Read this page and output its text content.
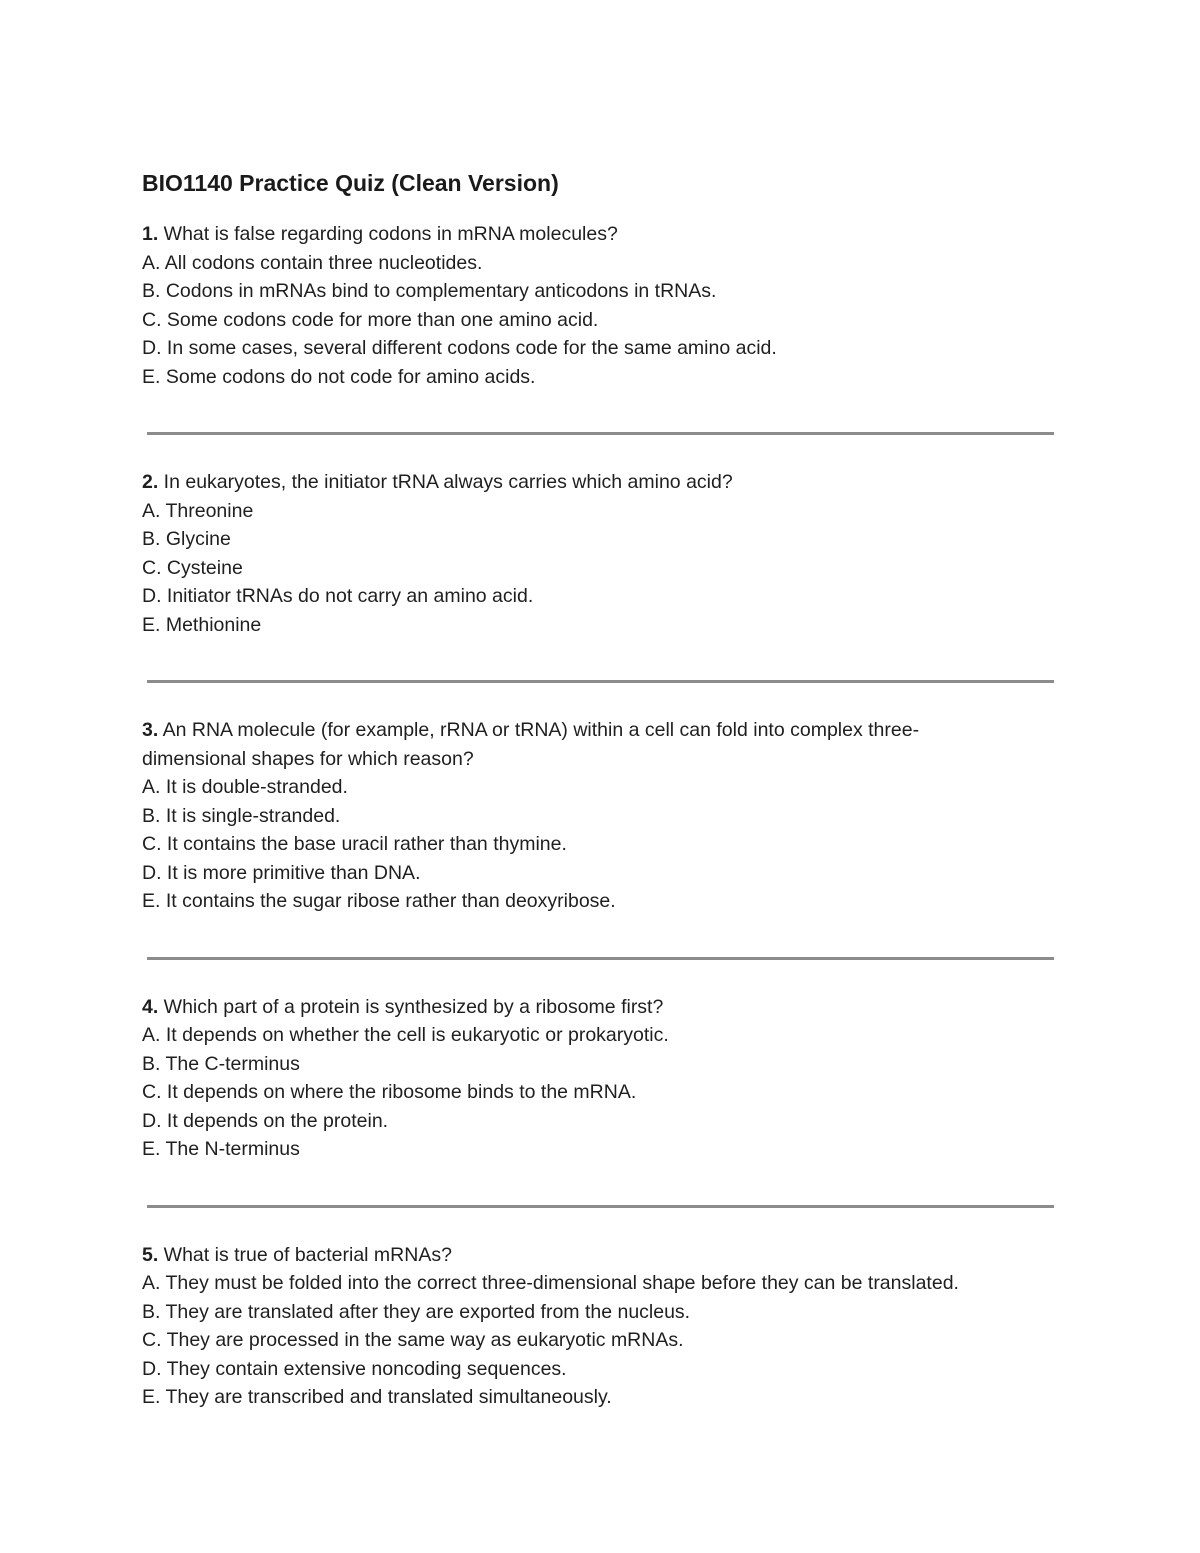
BIO1140 Practice Quiz (Clean Version)
1. What is false regarding codons in mRNA molecules?
A. All codons contain three nucleotides.
B. Codons in mRNAs bind to complementary anticodons in tRNAs.
C. Some codons code for more than one amino acid.
D. In some cases, several different codons code for the same amino acid.
E. Some codons do not code for amino acids.
2. In eukaryotes, the initiator tRNA always carries which amino acid?
A. Threonine
B. Glycine
C. Cysteine
D. Initiator tRNAs do not carry an amino acid.
E. Methionine
3. An RNA molecule (for example, rRNA or tRNA) within a cell can fold into complex three-dimensional shapes for which reason?
A. It is double-stranded.
B. It is single-stranded.
C. It contains the base uracil rather than thymine.
D. It is more primitive than DNA.
E. It contains the sugar ribose rather than deoxyribose.
4. Which part of a protein is synthesized by a ribosome first?
A. It depends on whether the cell is eukaryotic or prokaryotic.
B. The C-terminus
C. It depends on where the ribosome binds to the mRNA.
D. It depends on the protein.
E. The N-terminus
5. What is true of bacterial mRNAs?
A. They must be folded into the correct three-dimensional shape before they can be translated.
B. They are translated after they are exported from the nucleus.
C. They are processed in the same way as eukaryotic mRNAs.
D. They contain extensive noncoding sequences.
E. They are transcribed and translated simultaneously.
